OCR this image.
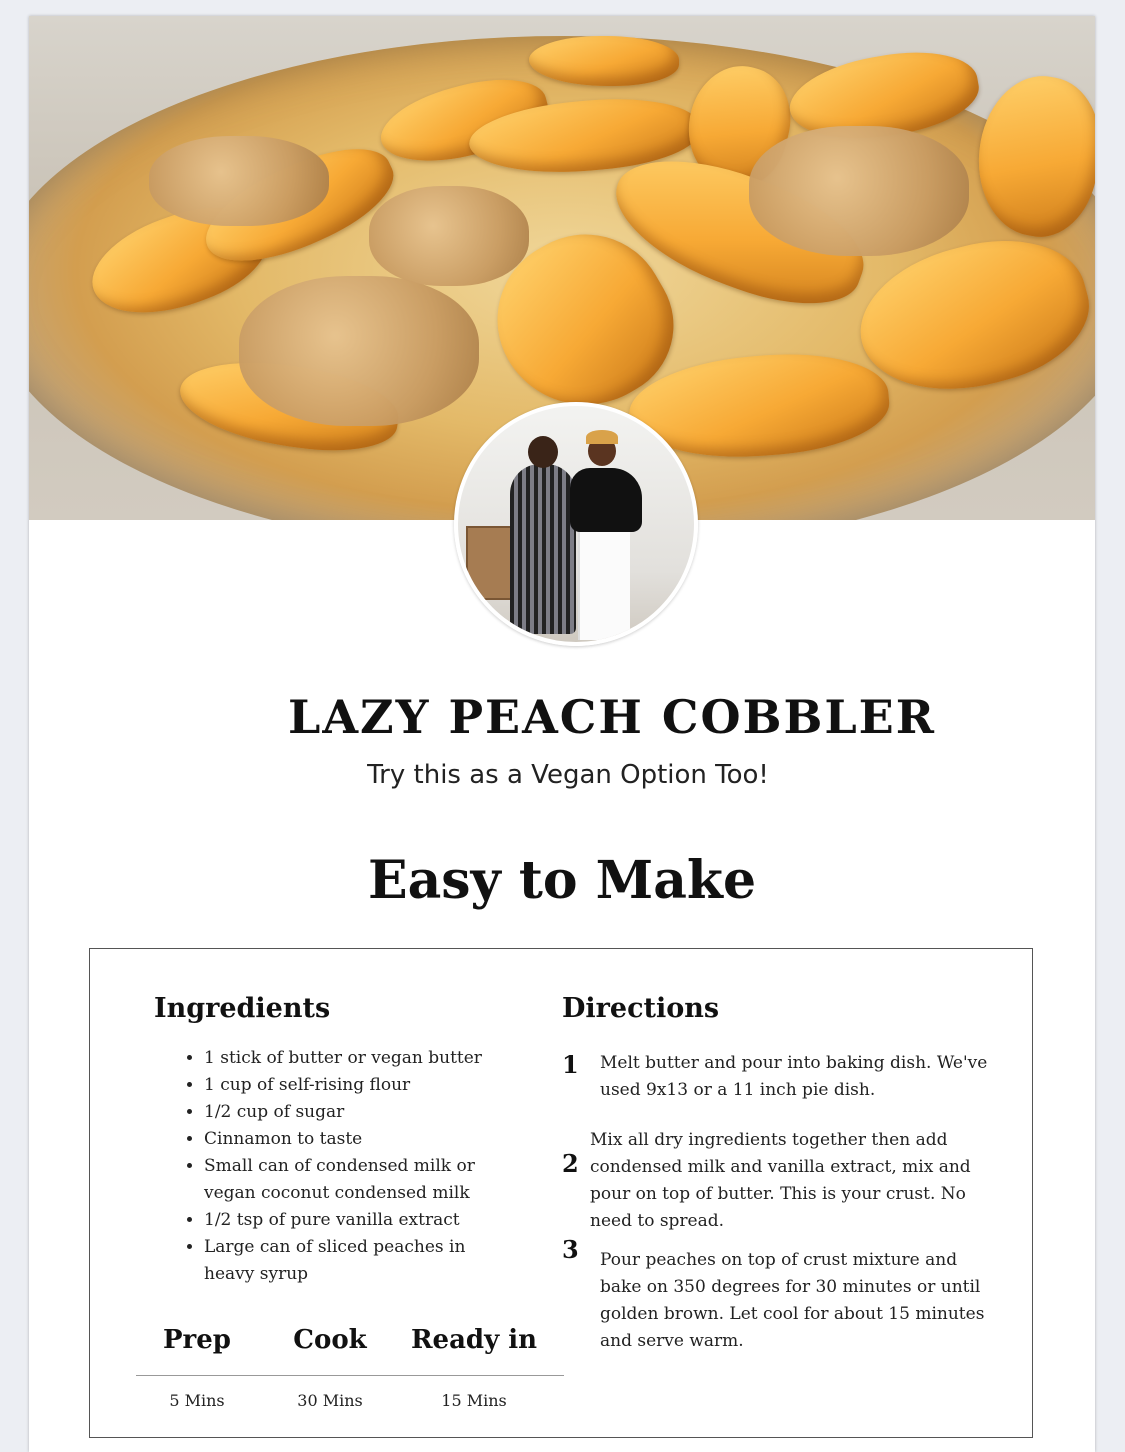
LAZY PEACH COBBLER
Try this as a Vegan Option Too!
Easy to Make
Ingredients
• 1 stick of butter or vegan butter
• 1 cup of self-rising flour
• 1/2 cup of sugar
• Cinnamon to taste
• Small can of condensed milk or vegan coconut condensed milk
• 1/2 tsp of pure vanilla extract
• Large can of sliced peaches in heavy syrup
Directions
1 Melt butter and pour into baking dish. We've used 9x13 or a 11 inch pie dish.

2

Mix all dry ingredients together then add condensed milk and vanilla extract, mix and pour on top of butter. This is your crust. No need to spread.

3 Pour peaches on top of crust mixture and bake on 350 degrees for 30 minutes or until golden brown. Let cool for about 15 minutes and serve warm.

Prep	Cook	Ready in
5 Mins	30 Mins	15 Mins
